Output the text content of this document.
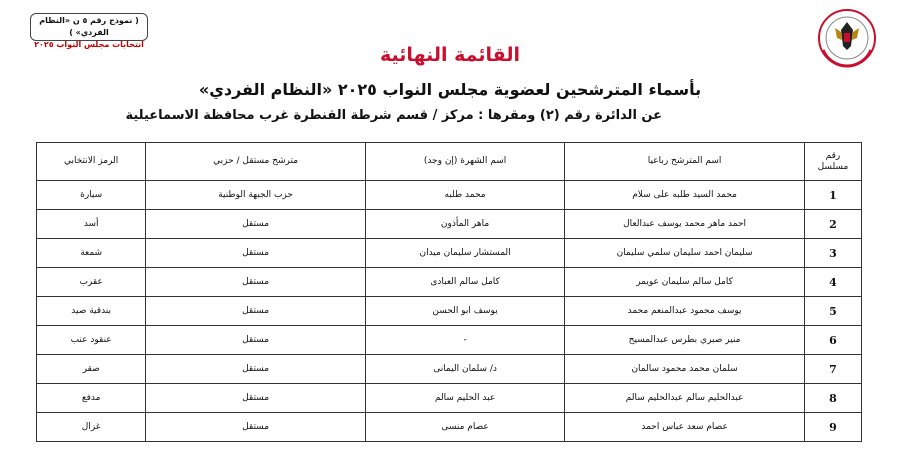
( نموذج رقم ٥ ن «النظام الفردي» )
انتخابات مجلس النواب ٢٠٢٥	القائمة النهائية
بأسماء المترشحين لعضوية مجلس النواب ٢٠٢٥ «النظام الفردي»
عن الدائرة رقم (٢) ومقرها : مركز / قسم شرطة القنطرة غرب محافظة الاسماعيلية
رقم مسلسل	اسم المترشح رباعيا	اسم الشهرة (إن وجد)	مترشح مستقل / حزبي	الرمز الانتخابي
1	محمد السيد طلبه على سلام	محمد طلبه	حزب الجبهة الوطنية	سيارة
2	احمد ماهر محمد يوسف عبدالعال	ماهر المأذون	مستقل	أسد
3	سليمان احمد سليمان سلمي سليمان	المستشار سليمان ميدان	مستقل	شمعة
4	كامل سالم سليمان عويمر	كامل سالم العبادى	مستقل	عقرب
5	يوسف محمود عبدالمنعم محمد	يوسف ابو الحسن	مستقل	بندقية صيد
6	منير صبري بطرس عبدالمسيح	-	مستقل	عنقود عنب
7	سلمان محمد محمود سالمان	د/ سلمان اليمانى	مستقل	صقر
8	عبدالحليم سالم عبدالحليم سالم	عبد الحليم سالم	مستقل	مدفع
9	عصام سعد عباس احمد	عصام منسى	مستقل	غزال
